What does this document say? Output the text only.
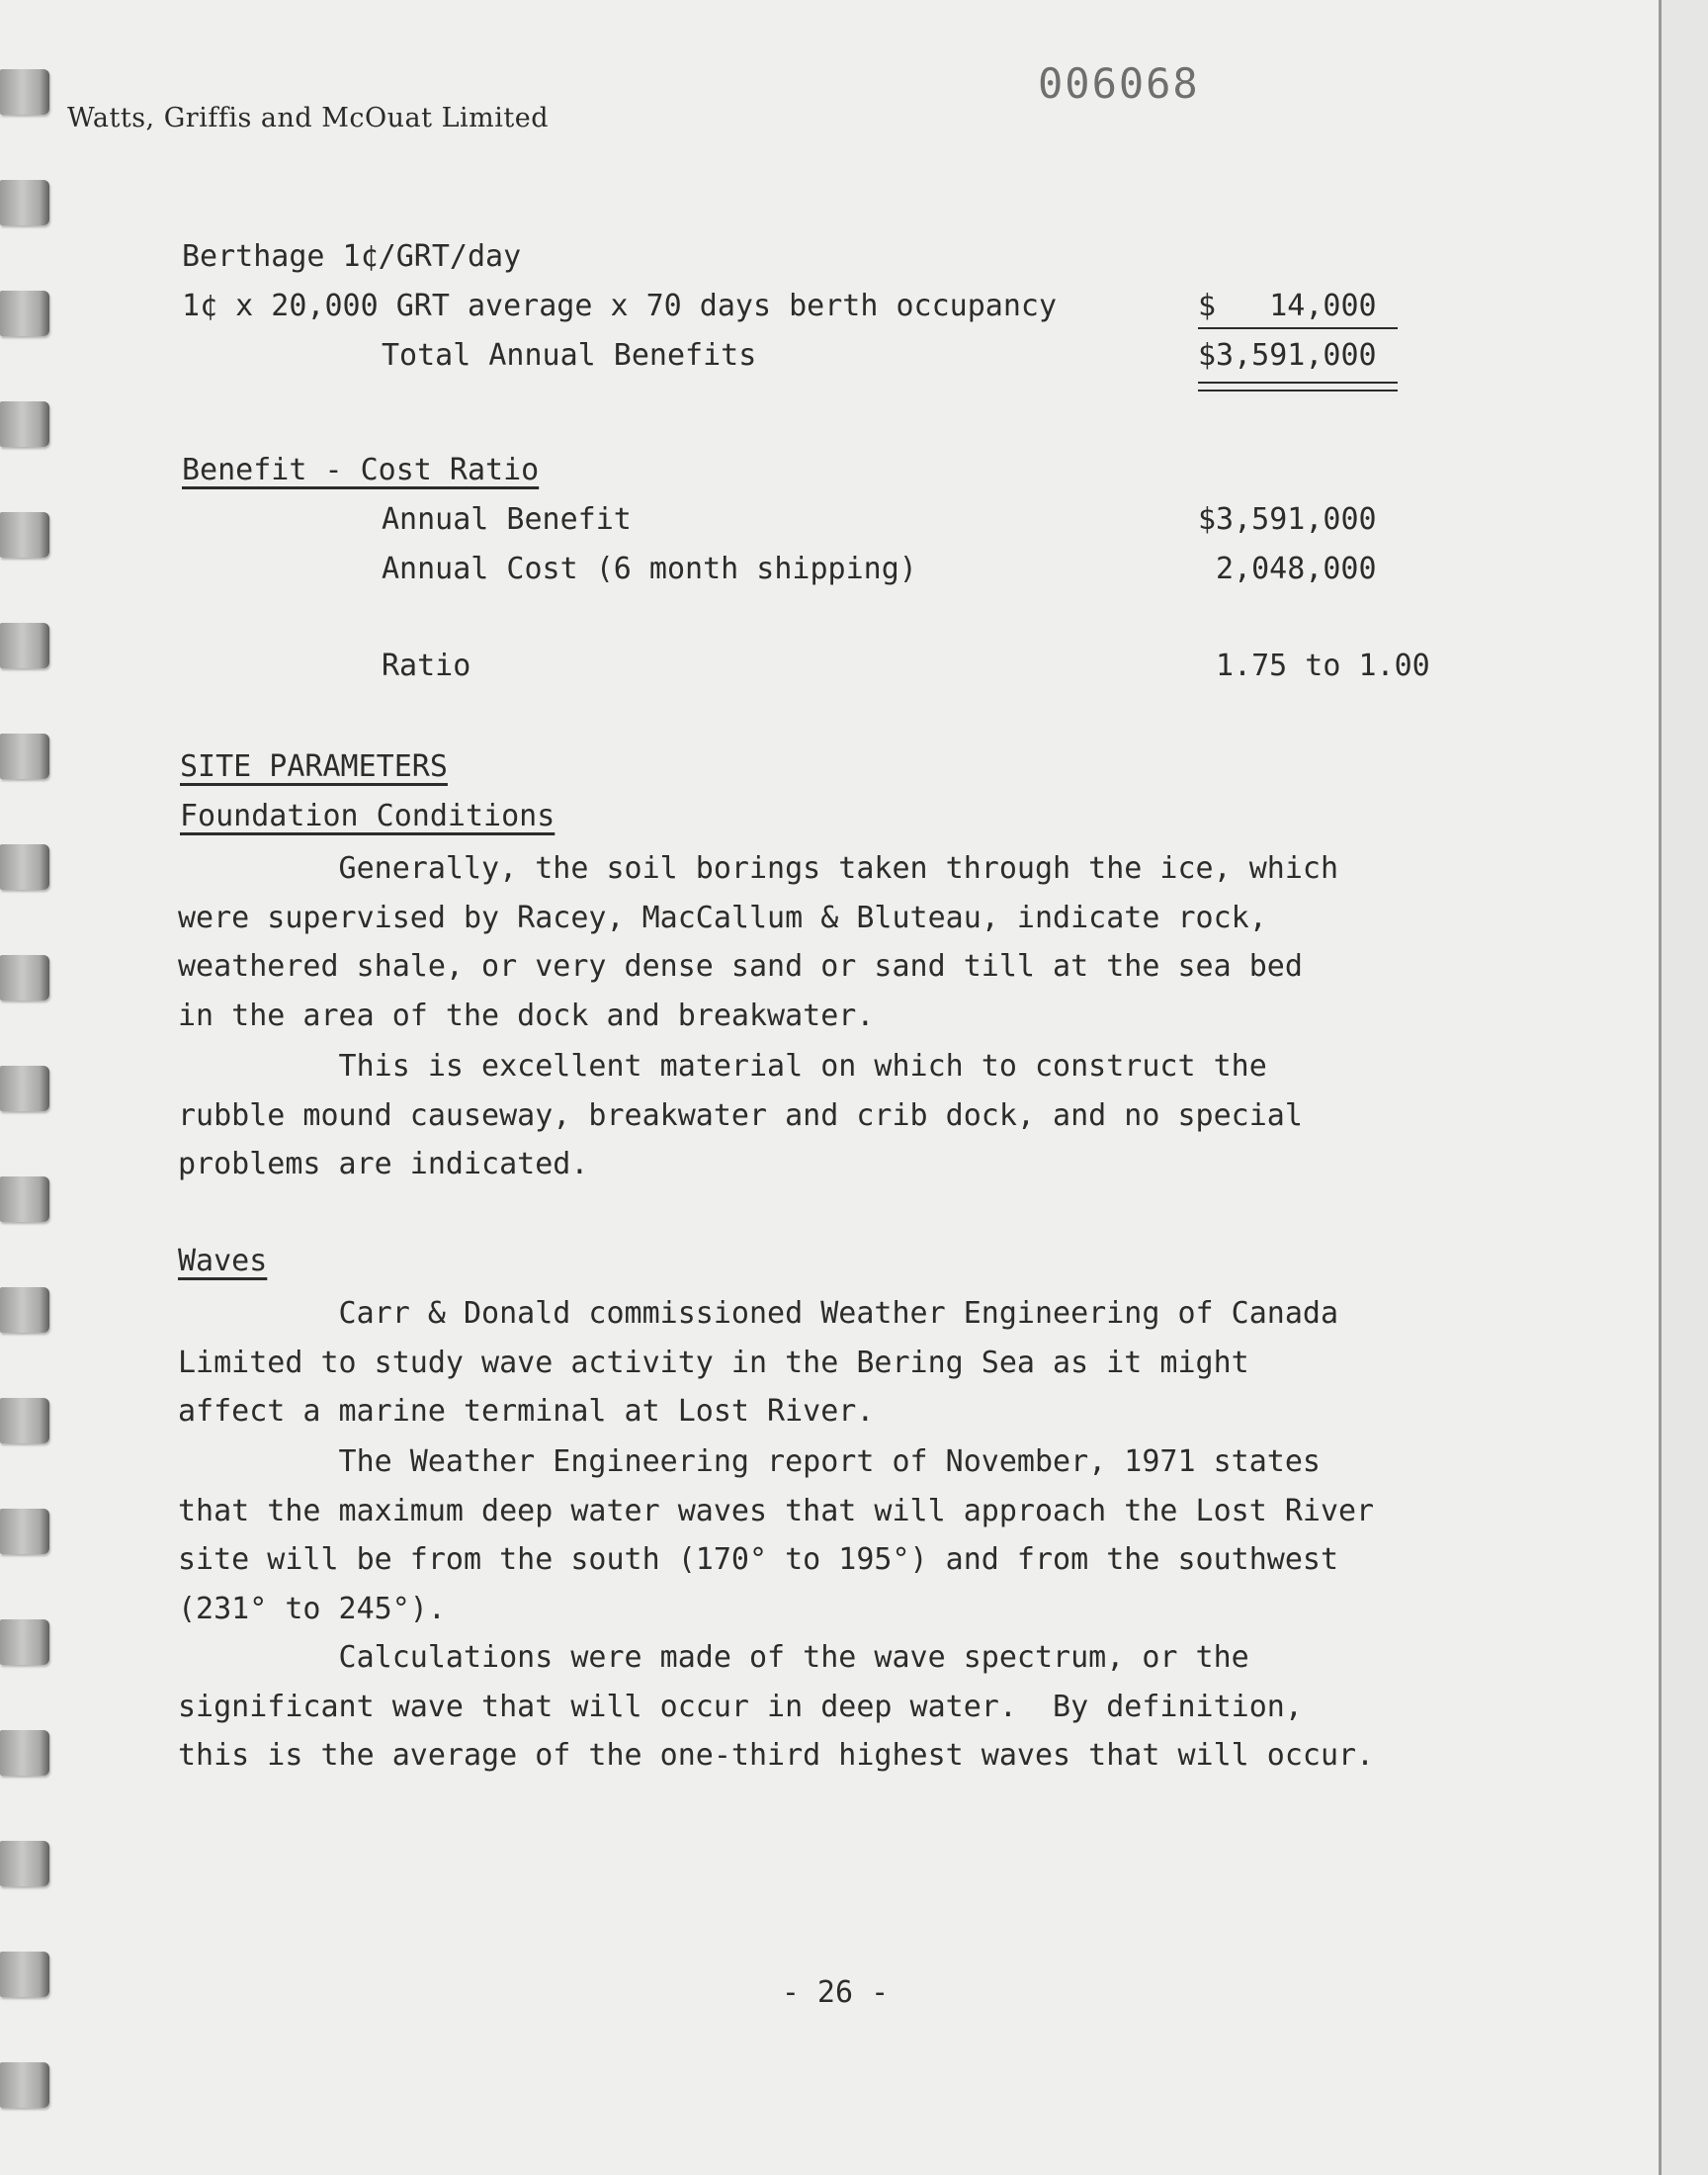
Watts, Griffis and McOuat Limited
006068
Berthage 1¢/GRT/day
1¢ x 20,000 GRT average x 70 days berth occupancy	$   14,000
Total Annual Benefits	$3,591,000
Benefit - Cost Ratio
Annual Benefit	$3,591,000
Annual Cost (6 month shipping)	2,048,000
Ratio	1.75 to 1.00
SITE PARAMETERS
Foundation Conditions
Generally, the soil borings taken through the ice, which
were supervised by Racey, MacCallum & Bluteau, indicate rock,
weathered shale, or very dense sand or sand till at the sea bed
in the area of the dock and breakwater.
This is excellent material on which to construct the
rubble mound causeway, breakwater and crib dock, and no special
problems are indicated.
Waves
Carr & Donald commissioned Weather Engineering of Canada
Limited to study wave activity in the Bering Sea as it might
affect a marine terminal at Lost River.
The Weather Engineering report of November, 1971 states
that the maximum deep water waves that will approach the Lost River
site will be from the south (170° to 195°) and from the southwest
(231° to 245°).
Calculations were made of the wave spectrum, or the
significant wave that will occur in deep water.  By definition,
this is the average of the one-third highest waves that will occur.
- 26 -
